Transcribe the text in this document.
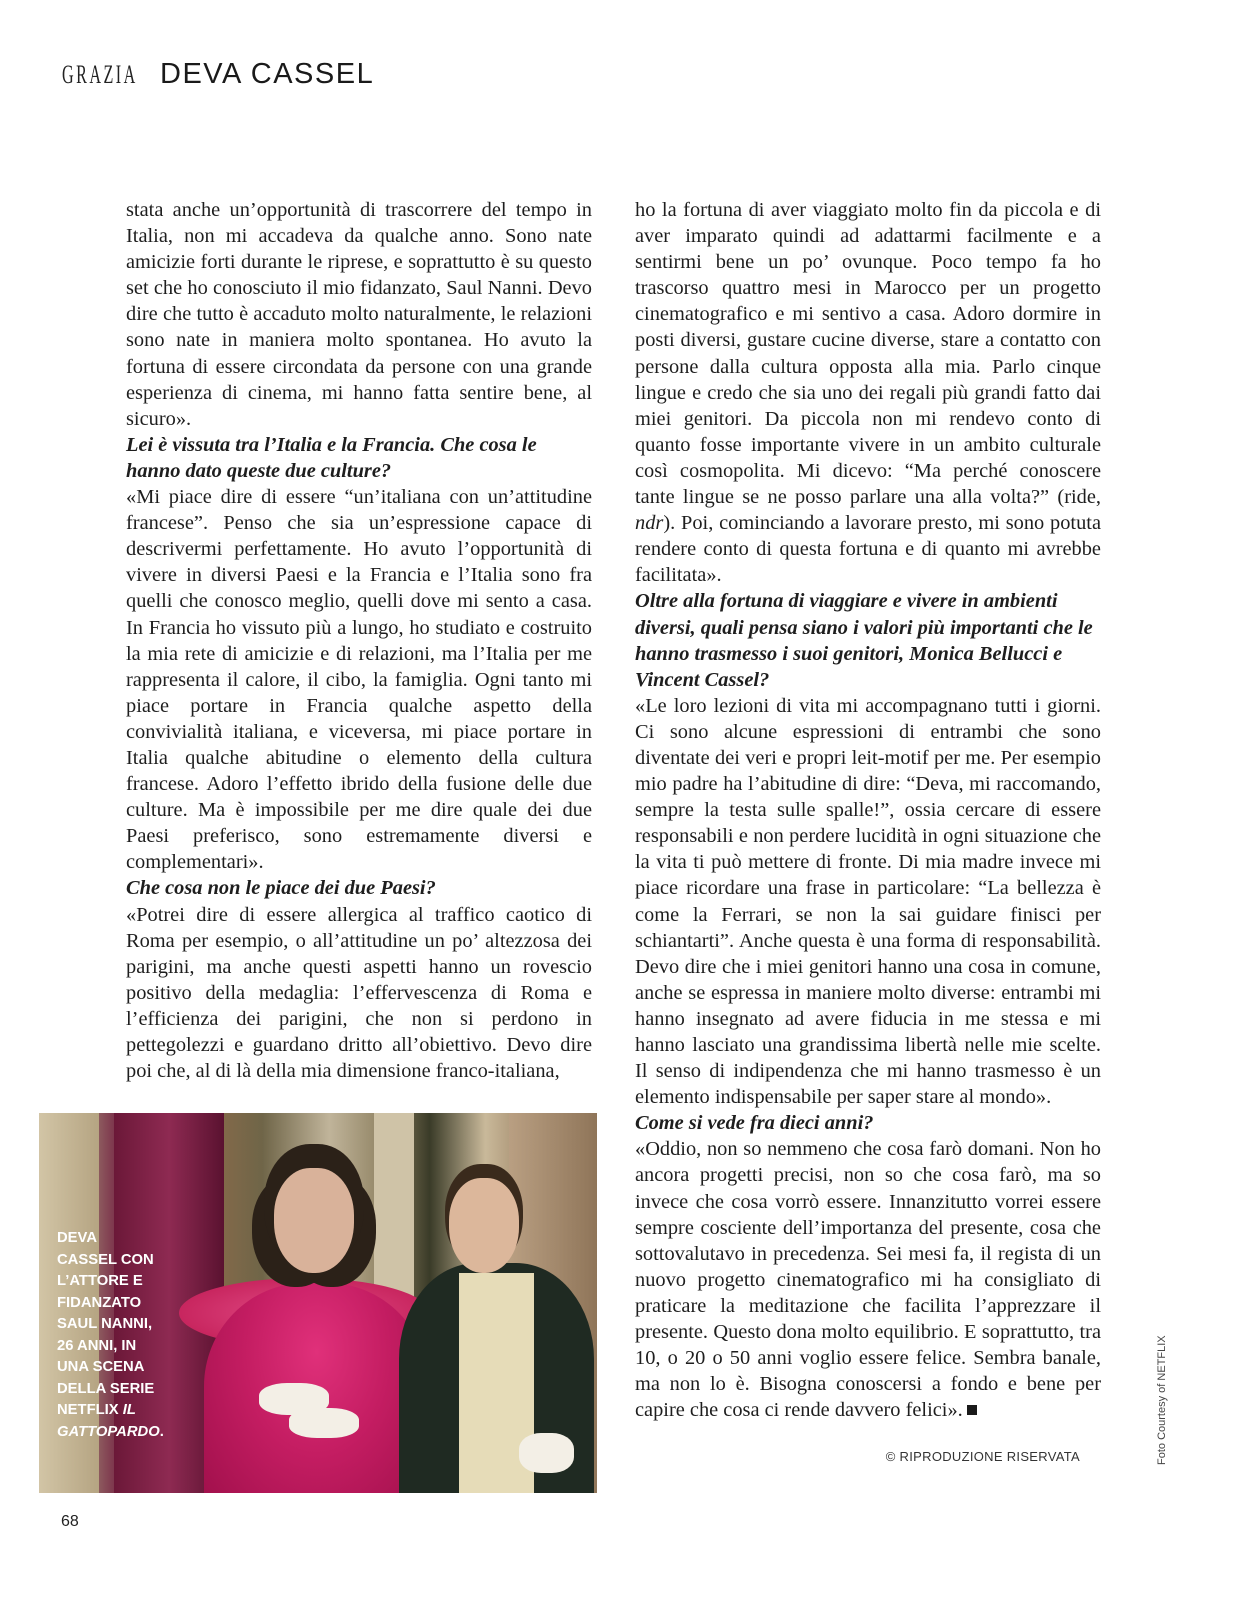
GRAZIA DEVA CASSEL

stata anche un’opportunità di trascorrere del tempo in Italia, non mi accadeva da qualche anno. Sono nate amicizie forti durante le riprese, e soprattutto è su questo set che ho conosciuto il mio fidanzato, Saul Nanni. Devo dire che tutto è accaduto molto naturalmente, le relazioni sono nate in maniera molto spontanea. Ho avuto la fortuna di essere circondata da persone con una grande esperienza di cinema, mi hanno fatta sentire bene, al sicuro».

Lei è vissuta tra l’Italia e la Francia. Che cosa le hanno dato queste due culture?

«Mi piace dire di essere “un’italiana con un’attitudine francese”. Penso che sia un’espressione capace di descrivermi perfettamente. Ho avuto l’opportunità di vivere in diversi Paesi e la Francia e l’Italia sono fra quelli che conosco meglio, quelli dove mi sento a casa. In Francia ho vissuto più a lungo, ho studiato e costruito la mia rete di amicizie e di relazioni, ma l’Italia per me rappresenta il calore, il cibo, la famiglia. Ogni tanto mi piace portare in Francia qualche aspetto della convivialità italiana, e viceversa, mi piace portare in Italia qualche abitudine o elemento della cultura francese. Adoro l’effetto ibrido della fusione delle due culture. Ma è impossibile per me dire quale dei due Paesi preferisco, sono estremamente diversi e complementari».

Che cosa non le piace dei due Paesi?

«Potrei dire di essere allergica al traffico caotico di Roma per esempio, o all’attitudine un po’ altezzosa dei parigini, ma anche questi aspetti hanno un rovescio positivo della medaglia: l’effervescenza di Roma e l’efficienza dei parigini, che non si perdono in pettegolezzi e guardano dritto all’obiettivo. Devo dire poi che, al di là della mia dimensione franco-italiana,

ho la fortuna di aver viaggiato molto fin da piccola e di aver imparato quindi ad adattarmi facilmente e a sentirmi bene un po’ ovunque. Poco tempo fa ho trascorso quattro mesi in Marocco per un progetto cinematografico e mi sentivo a casa. Adoro dormire in posti diversi, gustare cucine diverse, stare a contatto con persone dalla cultura opposta alla mia. Parlo cinque lingue e credo che sia uno dei regali più grandi fatto dai miei genitori. Da piccola non mi rendevo conto di quanto fosse importante vivere in un ambito culturale così cosmopolita. Mi dicevo: “Ma perché conoscere tante lingue se ne posso parlare una alla volta?” (ride, ndr). Poi, cominciando a lavorare presto, mi sono potuta rendere conto di questa fortuna e di quanto mi avrebbe facilitata».

Oltre alla fortuna di viaggiare e vivere in ambienti diversi, quali pensa siano i valori più importanti che le hanno trasmesso i suoi genitori, Monica Bellucci e Vincent Cassel?

«Le loro lezioni di vita mi accompagnano tutti i giorni. Ci sono alcune espressioni di entrambi che sono diventate dei veri e propri leit-motif per me. Per esempio mio padre ha l’abitudine di dire: “Deva, mi raccomando, sempre la testa sulle spalle!”, ossia cercare di essere responsabili e non perdere lucidità in ogni situazione che la vita ti può mettere di fronte. Di mia madre invece mi piace ricordare una frase in particolare: “La bellezza è come la Ferrari, se non la sai guidare finisci per schiantarti”. Anche questa è una forma di responsabilità. Devo dire che i miei genitori hanno una cosa in comune, anche se espressa in maniere molto diverse: entrambi mi hanno insegnato ad avere fiducia in me stessa e mi hanno lasciato una grandissima libertà nelle mie scelte. Il senso di indipendenza che mi hanno trasmesso è un elemento indispensabile per saper stare al mondo».

Come si vede fra dieci anni?

«Oddio, non so nemmeno che cosa farò domani. Non ho ancora progetti precisi, non so che cosa farò, ma so invece che cosa vorrò essere. Innanzitutto vorrei essere sempre cosciente dell’importanza del presente, cosa che sottovalutavo in precedenza. Sei mesi fa, il regista di un nuovo progetto cinematografico mi ha consigliato di praticare la meditazione che facilita l’apprezzare il presente. Questo dona molto equilibrio. E soprattutto, tra 10, o 20 o 50 anni voglio essere felice. Sembra banale, ma non lo è. Bisogna conoscersi a fondo e bene per capire che cosa ci rende davvero felici».

DEVA
CASSEL CON
L’ATTORE E
FIDANZATO
SAUL NANNI,
26 ANNI, IN
UNA SCENA
DELLA SERIE
NETFLIX IL
GATTOPARDO.
© RIPRODUZIONE RISERVATA	Foto Courtesy of NETFLIX
68
